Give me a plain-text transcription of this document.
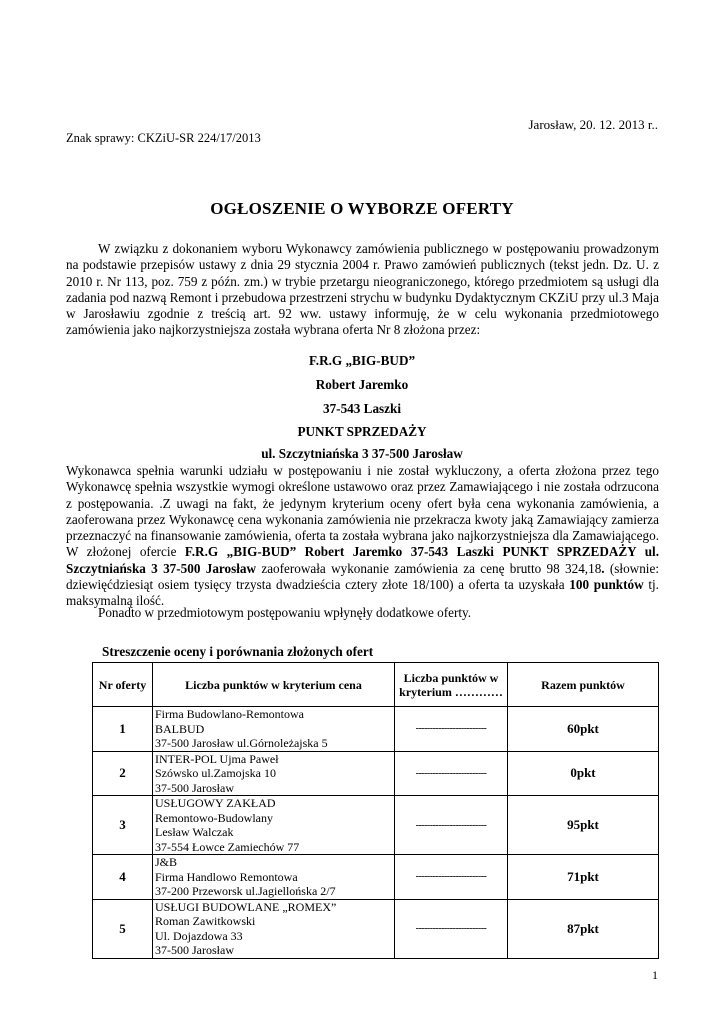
Jarosław, 20. 12. 2013 r..
Znak sprawy: CKZiU-SR 224/17/2013
OGŁOSZENIE O WYBORZE OFERTY
W związku z dokonaniem wyboru Wykonawcy zamówienia publicznego w postępowaniu prowadzonym na podstawie przepisów ustawy z dnia 29 stycznia 2004 r. Prawo zamówień publicznych (tekst jedn. Dz. U. z 2010 r. Nr 113, poz. 759 z późn. zm.) w trybie przetargu nieograniczonego, którego przedmiotem są usługi dla zadania pod nazwą Remont i przebudowa przestrzeni strychu w budynku Dydaktycznym CKZiU przy ul.3 Maja w Jarosławiu zgodnie z treścią art. 92 ww. ustawy informuję, że w celu wykonania przedmiotowego zamówienia jako najkorzystniejsza została wybrana oferta Nr 8 złożona przez:
F.R.G „BIG-BUD”
Robert Jaremko
37-543 Laszki
PUNKT SPRZEDAŻY
ul. Szczytniańska 3 37-500 Jarosław
Wykonawca spełnia warunki udziału w postępowaniu i nie został wykluczony, a oferta złożona przez tego Wykonawcę spełnia wszystkie wymogi określone ustawowo oraz przez Zamawiającego i nie została odrzucona z postępowania. .Z uwagi na fakt, że jedynym kryterium oceny ofert była cena wykonania zamówienia, a zaoferowana przez Wykonawcę cena wykonania zamówienia nie przekracza kwoty jaką Zamawiający zamierza przeznaczyć na finansowanie zamówienia, oferta ta została wybrana jako najkorzystniejsza dla Zamawiającego. W złożonej ofercie F.R.G „BIG-BUD” Robert Jaremko 37-543 Laszki PUNKT SPRZEDAŻY ul. Szczytniańska 3 37-500 Jarosław zaoferowała wykonanie zamówienia za cenę brutto 98 324,18. (słownie: dziewięćdziesiąt osiem tysięcy trzysta dwadzieścia cztery złote 18/100) a oferta ta uzyskała 100 punktów tj. maksymalną ilość.
Ponadto w przedmiotowym postępowaniu wpłynęły dodatkowe oferty.
Streszczenie oceny i porównania złożonych ofert
Nr oferty	Liczba punktów w kryterium cena	Liczba punktów w kryterium …………	Razem punktów
1	Firma Budowlano-Remontowa
BALBUD
37-500 Jarosław ul.Górnoleżajska 5	-------------------------	60pkt
2	INTER-POL Ujma Paweł
Szówsko ul.Zamojska 10
37-500 Jarosław	-------------------------	0pkt
3	USŁUGOWY ZAKŁAD
Remontowo-Budowlany
Lesław Walczak
37-554 Łowce Zamiechów 77	-------------------------	95pkt
4	J&B
Firma Handlowo Remontowa
37-200 Przeworsk ul.Jagiellońska 2/7	-------------------------	71pkt
5	USŁUGI BUDOWLANE „ROMEX”
Roman Zawitkowski
Ul. Dojazdowa 33
37-500 Jarosław	-------------------------	87pkt
1
